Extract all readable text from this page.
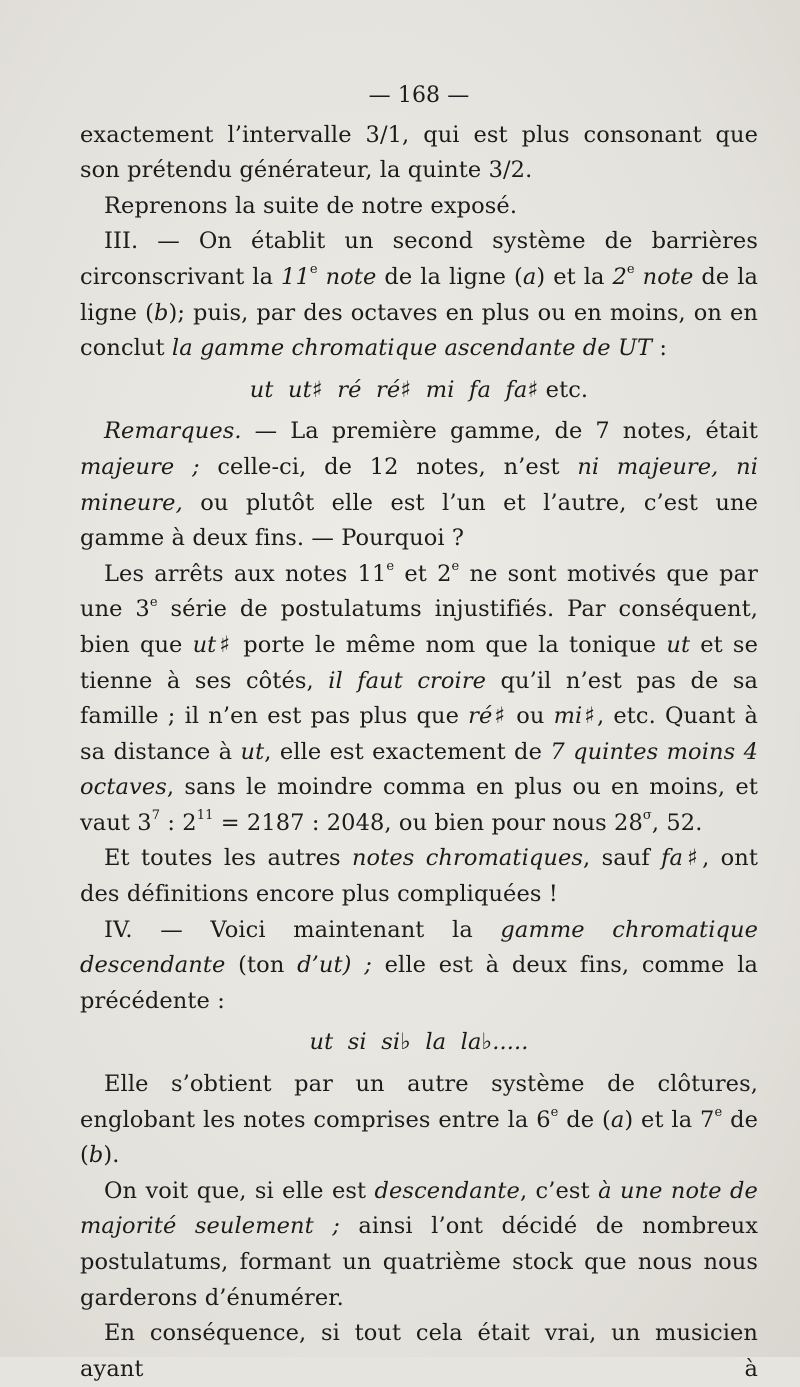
— 168 —

exactement l’intervalle 3/1, qui est plus consonant que son prétendu générateur, la quinte 3/2.

Reprenons la suite de notre exposé.

III. — On établit un second système de barrières circonscrivant la 11e note de la ligne (a) et la 2e note de la ligne (b); puis, par des octaves en plus ou en moins, on en conclut la gamme chromatique ascendante de UT :

ut  ut♯  ré  ré♯  mi  fa  fa♯ etc.

Remarques. — La première gamme, de 7 notes, était majeure ; celle-ci, de 12 notes, n’est ni majeure, ni mineure, ou plutôt elle est l’un et l’autre, c’est une gamme à deux fins. — Pourquoi ?

Les arrêts aux notes 11e et 2e ne sont motivés que par une 3e série de postulatums injustifiés. Par conséquent, bien que ut♯ porte le même nom que la tonique ut et se tienne à ses côtés, il faut croire qu’il n’est pas de sa famille ; il n’en est pas plus que ré♯ ou mi♯, etc. Quant à sa distance à ut, elle est exactement de 7 quintes moins 4 octaves, sans le moindre comma en plus ou en moins, et vaut $3^7$ : $2^{11} = 2187$ : 2048, ou bien pour nous $28^\sigma$, 52.

Et toutes les autres notes chromatiques, sauf fa♯, ont des définitions encore plus compliquées !

IV. — Voici maintenant la gamme chromatique descendante (ton d’ut) ; elle est à deux fins, comme la précédente :

ut  si  si♭  la  la♭.....

Elle s’obtient par un autre système de clôtures, englobant les notes comprises entre la 6e de (a) et la 7e de (b).

On voit que, si elle est descendante, c’est à une note de majorité seulement ; ainsi l’ont décidé de nombreux postulatums, formant un quatrième stock que nous nous garderons d’énumérer.

En conséquence, si tout cela était vrai, un musicien ayant à
